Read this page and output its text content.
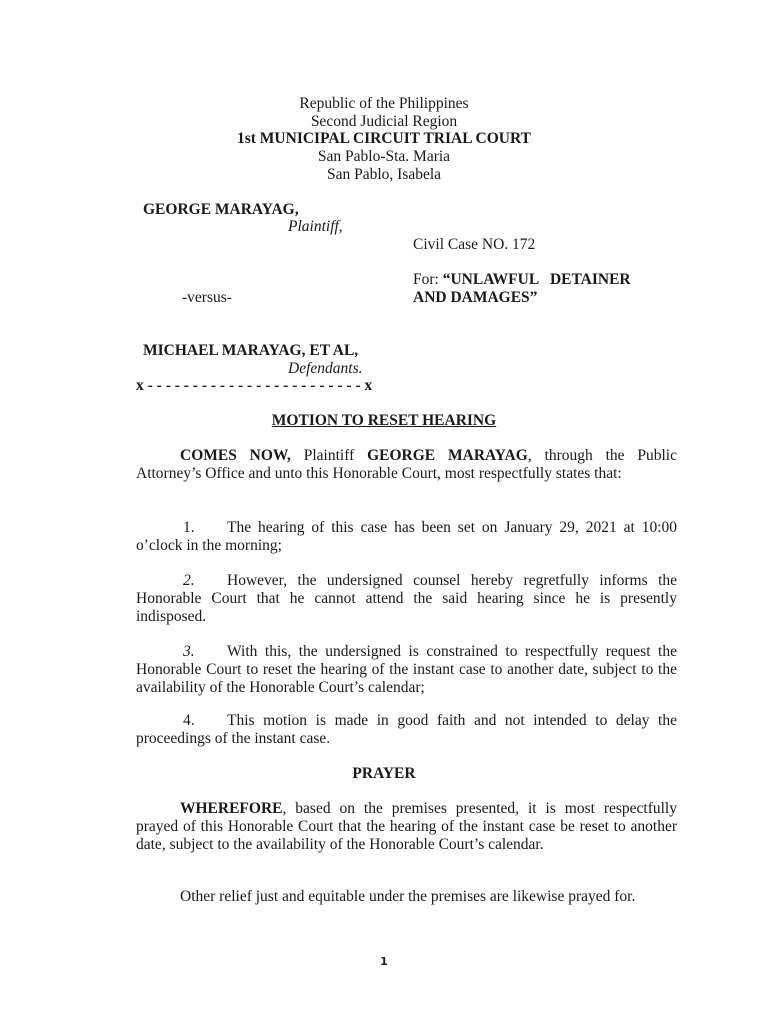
Republic of the Philippines

Second Judicial Region

1st MUNICIPAL CIRCUIT TRIAL COURT

San Pablo-Sta. Maria

San Pablo, Isabela

GEORGE MARAYAG,

Plaintiff,

Civil Case NO. 172

For: “UNLAWFUL   DETAINER

AND DAMAGES”

-versus-

MICHAEL MARAYAG, ET AL,

Defendants.

x - - - - - - - - - - - - - - - - - - - - - - - - x

MOTION TO RESET HEARING

COMES NOW, Plaintiff GEORGE MARAYAG, through the Public Attorney’s Office and unto this Honorable Court, most respectfully states that:

1. The hearing of this case has been set on January 29, 2021 at 10:00 o’clock in the morning;

2. However, the undersigned counsel hereby regretfully informs the Honorable Court that he cannot attend the said hearing since he is presently indisposed.

3. With this, the undersigned is constrained to respectfully request the Honorable Court to reset the hearing of the instant case to another date, subject to the availability of the Honorable Court’s calendar;

4. This motion is made in good faith and not intended to delay the proceedings of the instant case.

PRAYER

WHEREFORE, based on the premises presented, it is most respectfully prayed of this Honorable Court that the hearing of the instant case be reset to another date, subject to the availability of the Honorable Court’s calendar.

Other relief just and equitable under the premises are likewise prayed for.

1
